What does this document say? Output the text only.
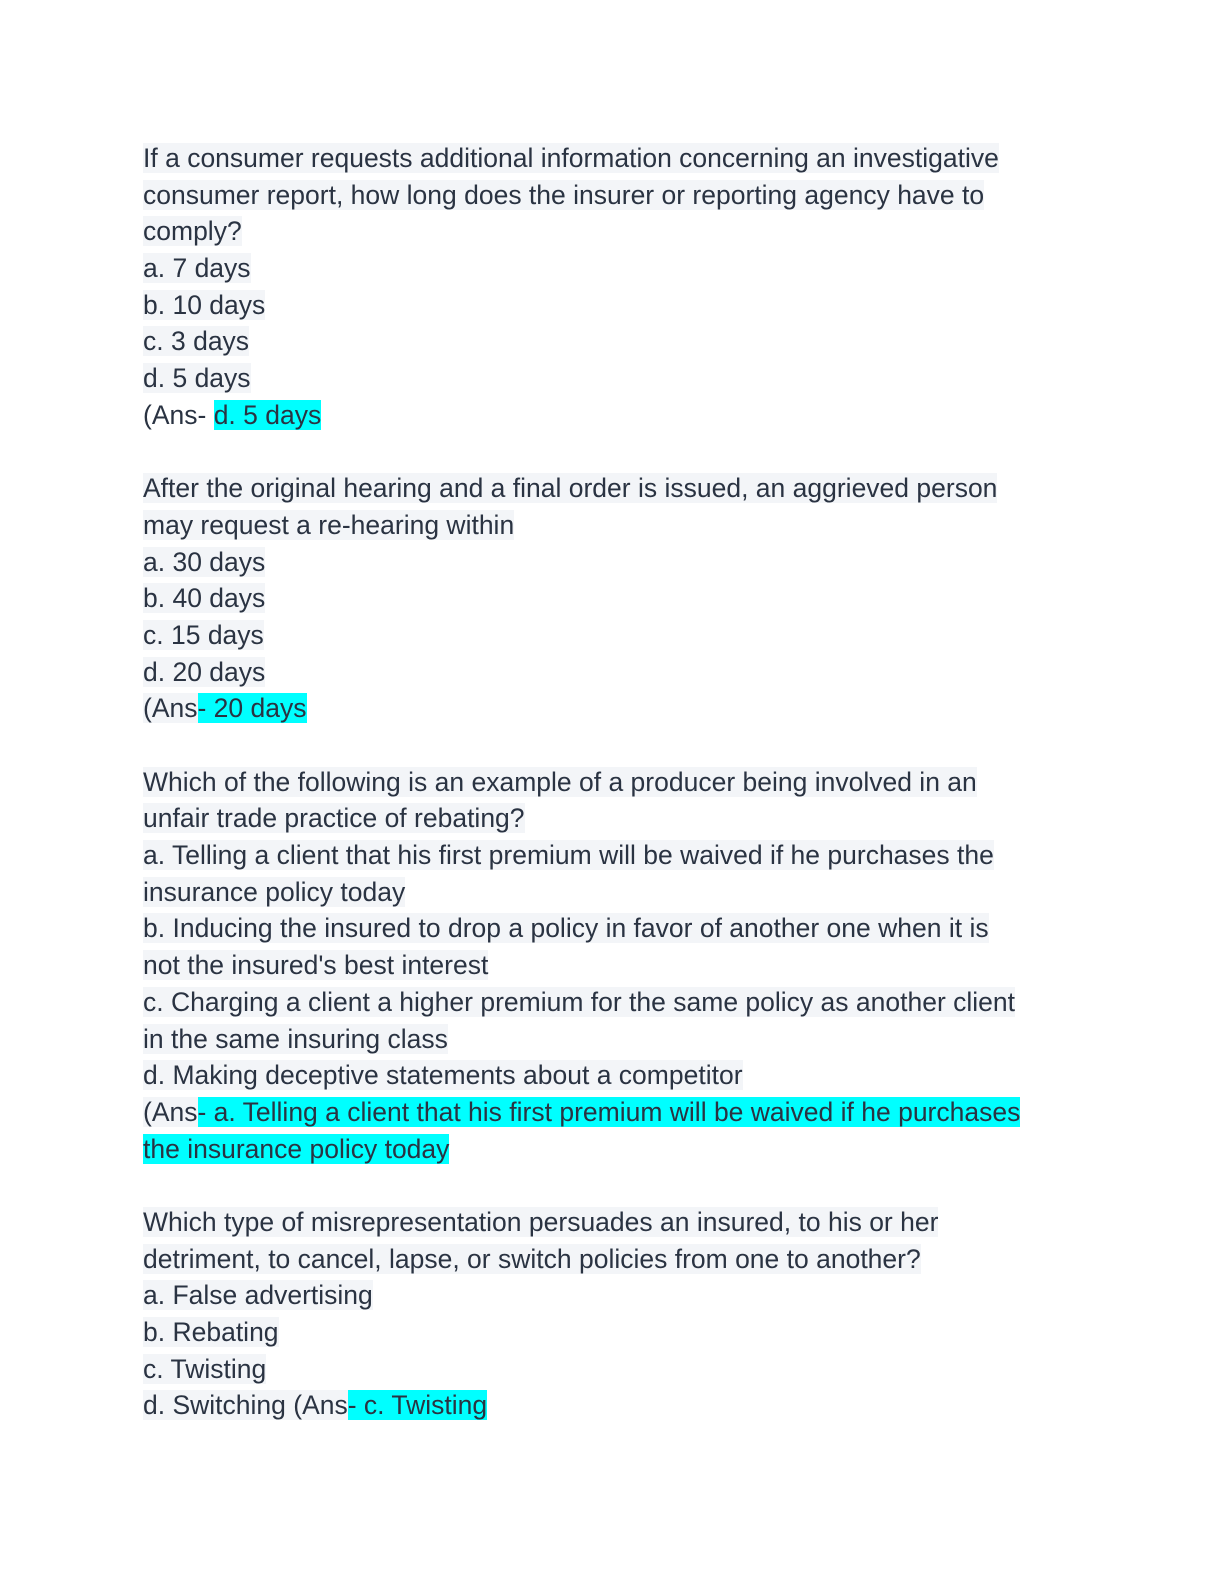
If a consumer requests additional information concerning an investigative
consumer report, how long does the insurer or reporting agency have to
comply?
a. 7 days
b. 10 days
c. 3 days
d. 5 days
(Ans- d. 5 days
After the original hearing and a final order is issued, an aggrieved person
may request a re-hearing within
a. 30 days
b. 40 days
c. 15 days
d. 20 days
(Ans- 20 days
Which of the following is an example of a producer being involved in an
unfair trade practice of rebating?
a. Telling a client that his first premium will be waived if he purchases the
insurance policy today
b. Inducing the insured to drop a policy in favor of another one when it is
not the insured's best interest
c. Charging a client a higher premium for the same policy as another client
in the same insuring class
d. Making deceptive statements about a competitor
(Ans- a. Telling a client that his first premium will be waived if he purchases
the insurance policy today
Which type of misrepresentation persuades an insured, to his or her
detriment, to cancel, lapse, or switch policies from one to another?
a. False advertising
b. Rebating
c. Twisting
d. Switching (Ans- c. Twisting
